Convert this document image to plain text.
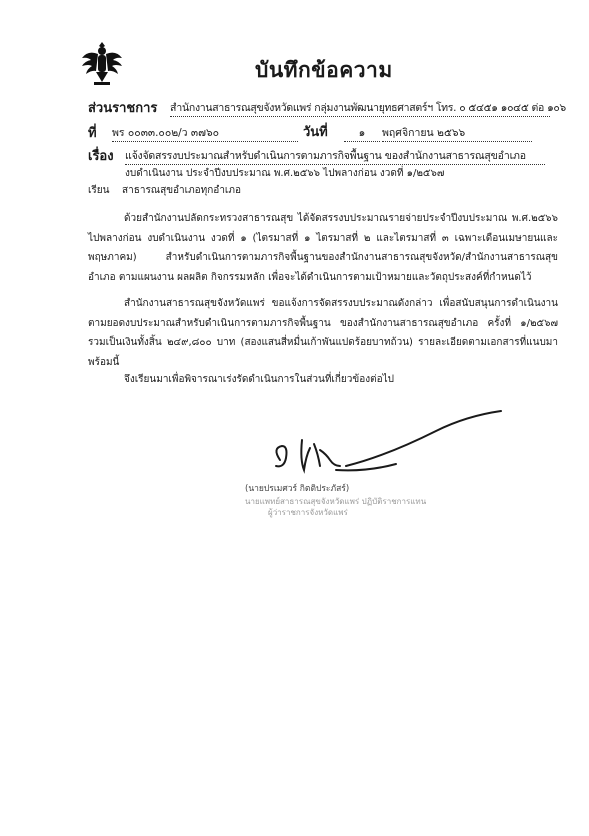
บันทึกข้อความ
ส่วนราชการ สำนักงานสาธารณสุขจังหวัดแพร่ กลุ่มงานพัฒนายุทธศาสตร์ฯ โทร. ๐ ๕๔๕๑ ๑๐๔๕ ต่อ ๑๐๖
ที่ พร ๐๐๓๓.๐๐๒/ว ๓๗๖๐	วันที่	๑	พฤศจิกายน ๒๕๖๖
เรื่อง แจ้งจัดสรรงบประมาณสำหรับดำเนินการตามภารกิจพื้นฐาน ของสำนักงานสาธารณสุขอำเภอ
งบดำเนินงาน ประจำปีงบประมาณ พ.ศ.๒๕๖๖ ไปพลางก่อน งวดที่ ๑/๒๕๖๗
เรียน สาธารณสุขอำเภอทุกอำเภอ
ด้วยสำนักงานปลัดกระทรวงสาธารณสุข ได้จัดสรรงบประมาณรายจ่ายประจำปีงบประมาณ พ.ศ.๒๕๖๖ ไปพลางก่อน งบดำเนินงาน งวดที่ ๑ (ไตรมาสที่ ๑ ไตรมาสที่ ๒ และไตรมาสที่ ๓ เฉพาะเดือนเมษายนและพฤษภาคม) สำหรับดำเนินการตามภารกิจพื้นฐานของสำนักงานสาธารณสุขจังหวัด/สำนักงานสาธารณสุขอำเภอ ตามแผนงาน ผลผลิต กิจกรรมหลัก เพื่อจะได้ดำเนินการตามเป้าหมายและวัตถุประสงค์ที่กำหนดไว้
สำนักงานสาธารณสุขจังหวัดแพร่ ขอแจ้งการจัดสรรงบประมาณดังกล่าว เพื่อสนับสนุนการดำเนินงาน ตามยอดงบประมาณสำหรับดำเนินการตามภารกิจพื้นฐาน ของสำนักงานสาธารณสุขอำเภอ ครั้งที่ ๑/๒๕๖๗ รวมเป็นเงินทั้งสิ้น ๒๔๙,๘๐๐ บาท (สองแสนสี่หมื่นเก้าพันแปดร้อยบาทถ้วน) รายละเอียดตามเอกสารที่แนบมาพร้อมนี้
จึงเรียนมาเพื่อพิจารณาเร่งรัดดำเนินการในส่วนที่เกี่ยวข้องต่อไป
(นายปรเมศวร์ กิตติประภัสร์)
นายแพทย์สาธารณสุขจังหวัดแพร่ ปฏิบัติราชการแทน
ผู้ว่าราชการจังหวัดแพร่
